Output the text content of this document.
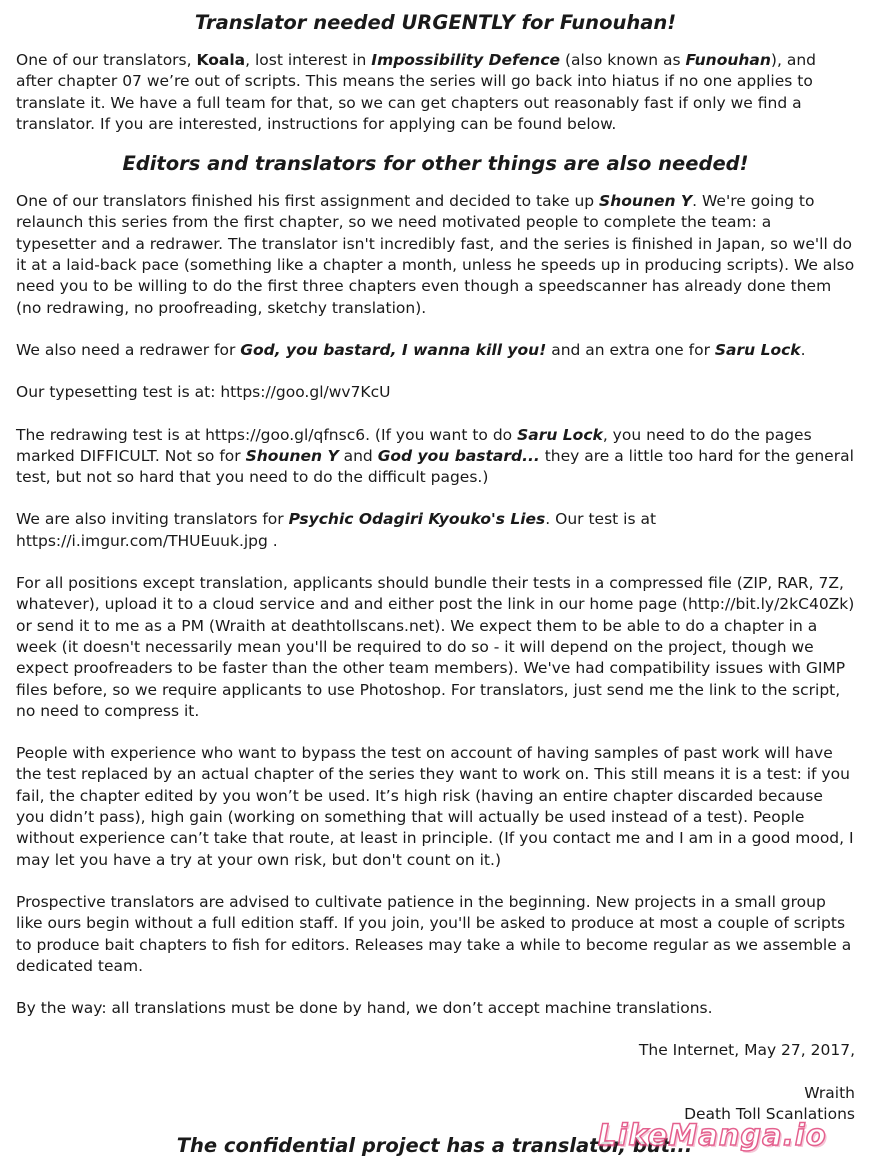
Translator needed URGENTLY for Funouhan!

One of our translators, Koala, lost interest in Impossibility Defence (also known as Funouhan), and after chapter 07 we’re out of scripts. This means the series will go back into hiatus if no one applies to translate it. We have a full team for that, so we can get chapters out reasonably fast if only we find a translator. If you are interested, instructions for applying can be found below.

Editors and translators for other things are also needed!

One of our translators finished his first assignment and decided to take up Shounen Y. We're going to relaunch this series from the first chapter, so we need motivated people to complete the team: a typesetter and a redrawer. The translator isn't incredibly fast, and the series is finished in Japan, so we'll do it at a laid-back pace (something like a chapter a month, unless he speeds up in producing scripts). We also need you to be willing to do the first three chapters even though a speedscanner has already done them (no redrawing, no proofreading, sketchy translation).

We also need a redrawer for God, you bastard, I wanna kill you! and an extra one for Saru Lock.

Our typesetting test is at: https://goo.gl/wv7KcU

The redrawing test is at https://goo.gl/qfnsc6. (If you want to do Saru Lock, you need to do the pages marked DIFFICULT. Not so for Shounen Y and God you bastard... they are a little too hard for the general test, but not so hard that you need to do the difficult pages.)

We are also inviting translators for Psychic Odagiri Kyouko's Lies. Our test is at https://i.imgur.com/THUEuuk.jpg .

For all positions except translation, applicants should bundle their tests in a compressed file (ZIP, RAR, 7Z, whatever), upload it to a cloud service and and either post the link in our home page (http://bit.ly/2kC40Zk) or send it to me as a PM (Wraith at deathtollscans.net). We expect them to be able to do a chapter in a week (it doesn't necessarily mean you'll be required to do so - it will depend on the project, though we expect proofreaders to be faster than the other team members). We've had compatibility issues with GIMP files before, so we require applicants to use Photoshop. For translators, just send me the link to the script, no need to compress it.

People with experience who want to bypass the test on account of having samples of past work will have the test replaced by an actual chapter of the series they want to work on. This still means it is a test: if you fail, the chapter edited by you won’t be used. It’s high risk (having an entire chapter discarded because you didn’t pass), high gain (working on something that will actually be used instead of a test). People without experience can’t take that route, at least in principle. (If you contact me and I am in a good mood, I may let you have a try at your own risk, but don't count on it.)

Prospective translators are advised to cultivate patience in the beginning. New projects in a small group like ours begin without a full edition staff. If you join, you'll be asked to produce at most a couple of scripts to produce bait chapters to fish for editors. Releases may take a while to become regular as we assemble a dedicated team.

By the way: all translations must be done by hand, we don’t accept machine translations.

The Internet, May 27, 2017,

Wraith
Death Toll Scanlations
The confidential project has a translator, but...
LikeManga.io
